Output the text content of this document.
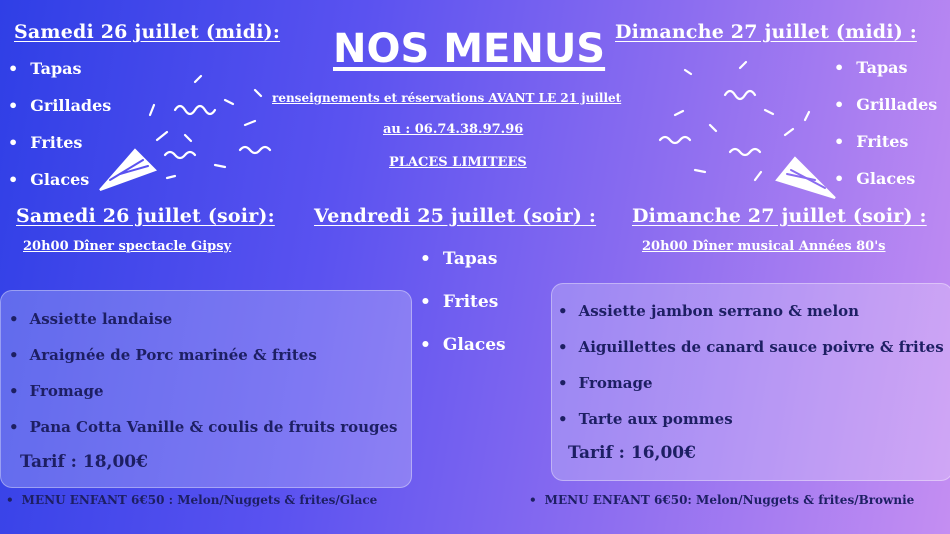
NOS MENUS
renseignements et réservations AVANT LE 21 juillet
au : 06.74.38.97.96
PLACES LIMITEES
Samedi 26 juillet (midi):
• Tapas
• Grillades
• Frites
• Glaces
Dimanche 27 juillet (midi) :
• Tapas
• Grillades
• Frites
• Glaces
Samedi 26 juillet (soir):
20h00 Dîner spectacle Gipsy
• Assiette landaise
• Araignée de Porc marinée & frites
• Fromage
• Pana Cotta Vanille & coulis de fruits rouges
Tarif : 18,00€
• MENU ENFANT 6€50 : Melon/Nuggets & frites/Glace
Vendredi 25 juillet (soir) :
• Tapas
• Frites
• Glaces
Dimanche 27 juillet (soir) :
20h00 Dîner musical Années 80's
• Assiette jambon serrano & melon
• Aiguillettes de canard sauce poivre & frites
• Fromage
• Tarte aux pommes
Tarif : 16,00€
• MENU ENFANT 6€50: Melon/Nuggets & frites/Brownie
